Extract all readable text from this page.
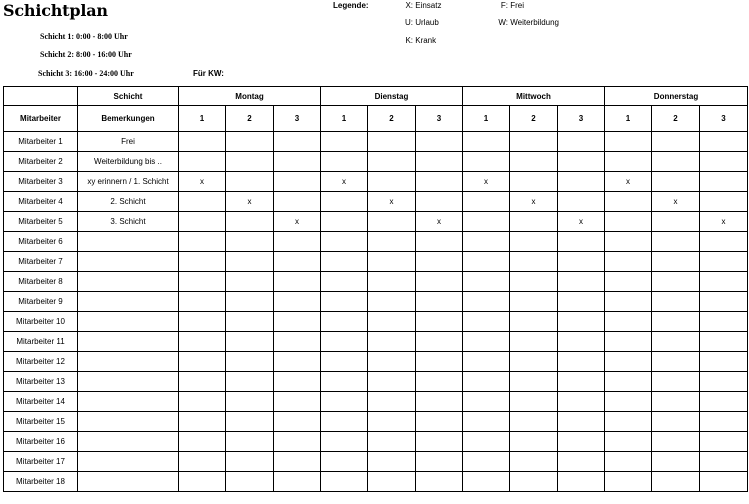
Schichtplan
Schicht 1: 0:00 - 8:00 Uhr
Schicht 2: 8:00 - 16:00 Uhr
Schicht 3: 16:00 - 24:00 Uhr	Für KW:
Legende:	X: Einsatz	F: Frei
U: Urlaub	W: Weiterbildung
K: Krank
	Schicht	Montag			Dienstag			Mittwoch			Donnerstag		
Mitarbeiter	Bemerkungen	1	2	3	1	2	3	1	2	3	1	2	3
Mitarbeiter 1	Frei												
Mitarbeiter 2	Weiterbildung bis ..												
Mitarbeiter 3	xy erinnern / 1. Schicht	x			x			x			x		
Mitarbeiter 4	2. Schicht		x			x			x			x	
Mitarbeiter 5	3. Schicht			x			x			x			x
Mitarbeiter 6													
Mitarbeiter 7													
Mitarbeiter 8													
Mitarbeiter 9													
Mitarbeiter 10													
Mitarbeiter 11													
Mitarbeiter 12													
Mitarbeiter 13													
Mitarbeiter 14													
Mitarbeiter 15													
Mitarbeiter 16													
Mitarbeiter 17													
Mitarbeiter 18													
